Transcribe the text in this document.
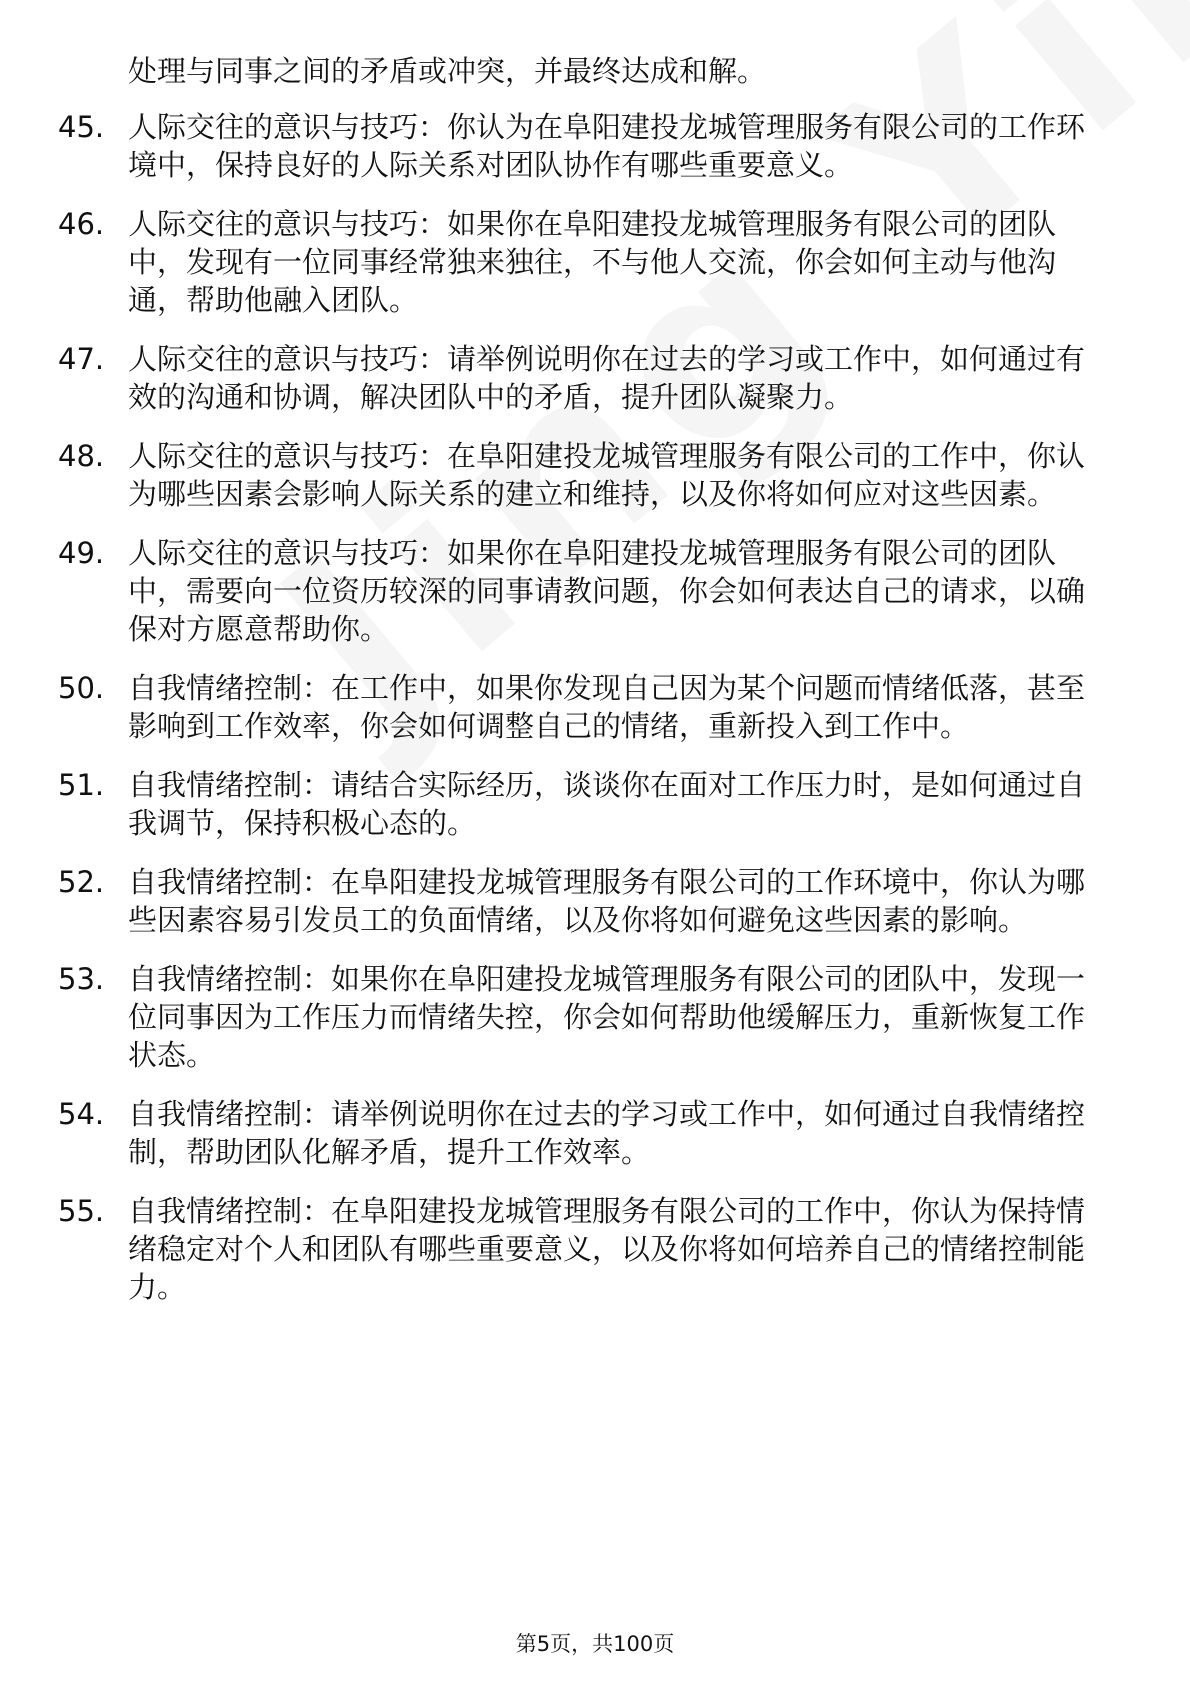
处理与同事之间的矛盾或冲突，并最终达成和解。
45. 人际交往的意识与技巧：你认为在阜阳建投龙城管理服务有限公司的工作环境中，保持良好的人际关系对团队协作有哪些重要意义。
46. 人际交往的意识与技巧：如果你在阜阳建投龙城管理服务有限公司的团队中，发现有一位同事经常独来独往，不与他人交流，你会如何主动与他沟通，帮助他融入团队。
47. 人际交往的意识与技巧：请举例说明你在过去的学习或工作中，如何通过有效的沟通和协调，解决团队中的矛盾，提升团队凝聚力。
48. 人际交往的意识与技巧：在阜阳建投龙城管理服务有限公司的工作中，你认为哪些因素会影响人际关系的建立和维持，以及你将如何应对这些因素。
49. 人际交往的意识与技巧：如果你在阜阳建投龙城管理服务有限公司的团队中，需要向一位资历较深的同事请教问题，你会如何表达自己的请求，以确保对方愿意帮助你。
50. 自我情绪控制：在工作中，如果你发现自己因为某个问题而情绪低落，甚至影响到工作效率，你会如何调整自己的情绪，重新投入到工作中。
51. 自我情绪控制：请结合实际经历，谈谈你在面对工作压力时，是如何通过自我调节，保持积极心态的。
52. 自我情绪控制：在阜阳建投龙城管理服务有限公司的工作环境中，你认为哪些因素容易引发员工的负面情绪，以及你将如何避免这些因素的影响。
53. 自我情绪控制：如果你在阜阳建投龙城管理服务有限公司的团队中，发现一位同事因为工作压力而情绪失控，你会如何帮助他缓解压力，重新恢复工作状态。
54. 自我情绪控制：请举例说明你在过去的学习或工作中，如何通过自我情绪控制，帮助团队化解矛盾，提升工作效率。
55. 自我情绪控制：在阜阳建投龙城管理服务有限公司的工作中，你认为保持情绪稳定对个人和团队有哪些重要意义，以及你将如何培养自己的情绪控制能力。
第5页，共100页
